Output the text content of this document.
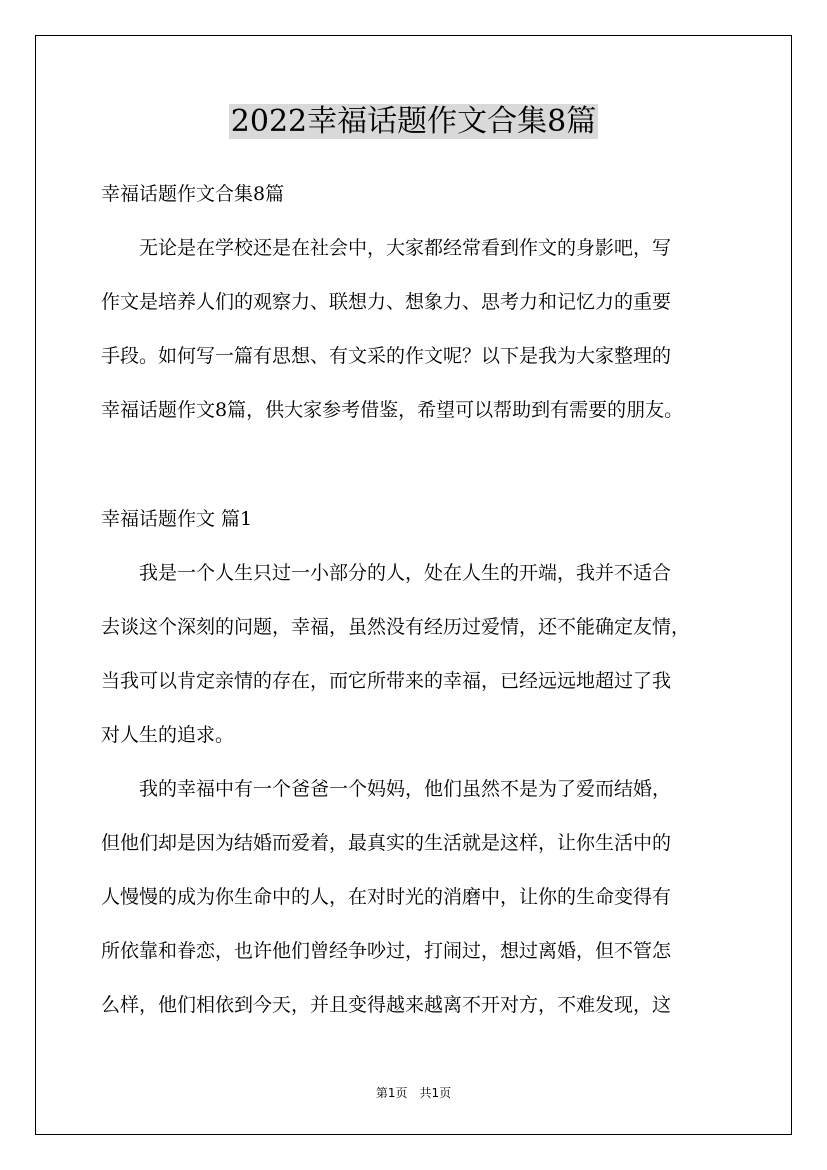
2022幸福话题作文合集8篇

幸福话题作文合集8篇

　　无论是在学校还是在社会中，大家都经常看到作文的身影吧，写

作文是培养人们的观察力、联想力、想象力、思考力和记忆力的重要

手段。如何写一篇有思想、有文采的作文呢？以下是我为大家整理的

幸福话题作文8篇，供大家参考借鉴，希望可以帮助到有需要的朋友。

幸福话题作文 篇1

　　我是一个人生只过一小部分的人，处在人生的开端，我并不适合

去谈这个深刻的问题，幸福，虽然没有经历过爱情，还不能确定友情，

当我可以肯定亲情的存在，而它所带来的幸福，已经远远地超过了我

对人生的追求。

　　我的幸福中有一个爸爸一个妈妈，他们虽然不是为了爱而结婚，

但他们却是因为结婚而爱着，最真实的生活就是这样，让你生活中的

人慢慢的成为你生命中的人，在对时光的消磨中，让你的生命变得有

所依靠和眷恋，也许他们曾经争吵过，打闹过，想过离婚，但不管怎

么样，他们相依到今天，并且变得越来越离不开对方，不难发现，这

第1页　共1页
